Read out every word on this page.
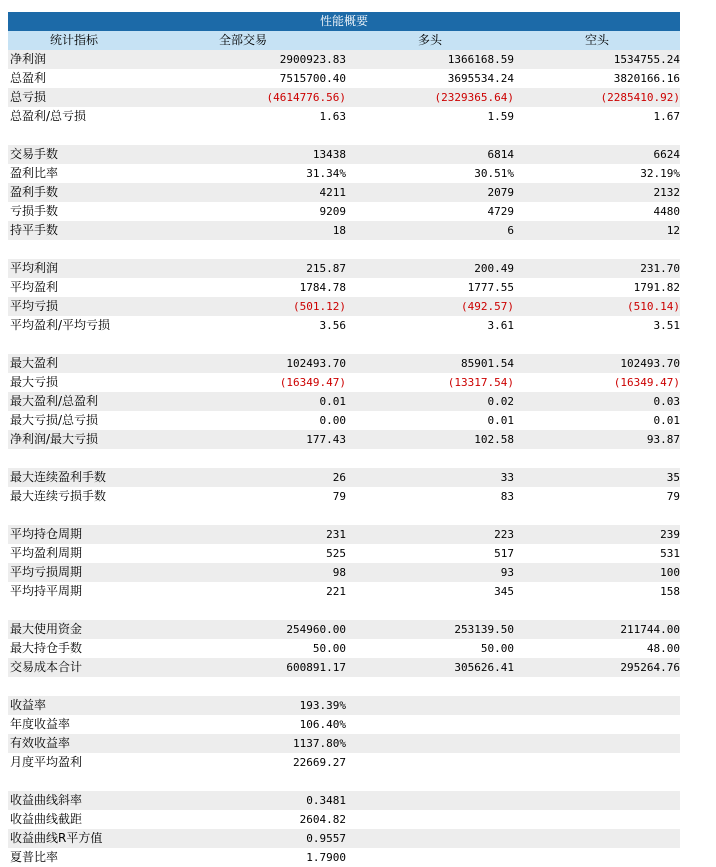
性能概要
统计指标	全部交易	多头	空头
净利润	2900923.83	1366168.59	1534755.24
总盈利	7515700.40	3695534.24	3820166.16
总亏损	(4614776.56)	(2329365.64)	(2285410.92)
总盈利/总亏损	1.63	1.59	1.67
交易手数	13438	6814	6624
盈利比率	31.34%	30.51%	32.19%
盈利手数	4211	2079	2132
亏损手数	9209	4729	4480
持平手数	18	6	12
平均利润	215.87	200.49	231.70
平均盈利	1784.78	1777.55	1791.82
平均亏损	(501.12)	(492.57)	(510.14)
平均盈利/平均亏损	3.56	3.61	3.51
最大盈利	102493.70	85901.54	102493.70
最大亏损	(16349.47)	(13317.54)	(16349.47)
最大盈利/总盈利	0.01	0.02	0.03
最大亏损/总亏损	0.00	0.01	0.01
净利润/最大亏损	177.43	102.58	93.87
最大连续盈利手数	26	33	35
最大连续亏损手数	79	83	79
平均持仓周期	231	223	239
平均盈利周期	525	517	531
平均亏损周期	98	93	100
平均持平周期	221	345	158
最大使用资金	254960.00	253139.50	211744.00
最大持仓手数	50.00	50.00	48.00
交易成本合计	600891.17	305626.41	295264.76
收益率	193.39%
年度收益率	106.40%
有效收益率	1137.80%
月度平均盈利	22669.27
收益曲线斜率	0.3481
收益曲线截距	2604.82
收益曲线R平方值	0.9557
夏普比率	1.7900
